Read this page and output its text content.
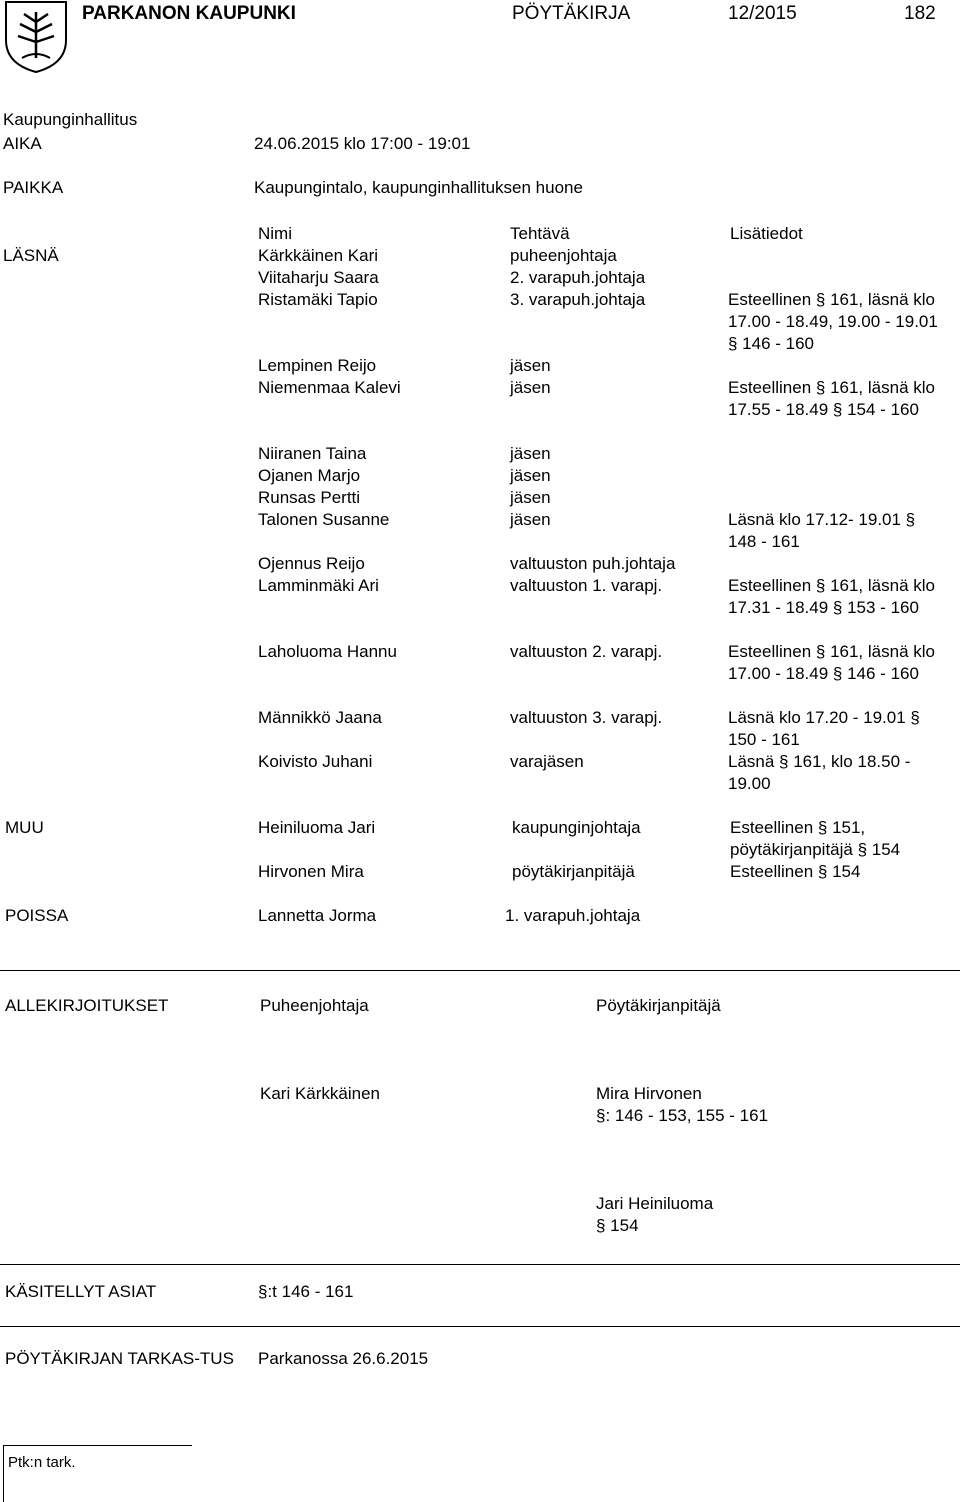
PARKANON KAUPUNKI	PÖYTÄKIRJA	12/2015	182
Kaupunginhallitus
AIKA	24.06.2015 klo 17:00 - 19:01
PAIKKA	Kaupungintalo, kaupunginhallituksen huone
Nimi	Tehtävä	Lisätiedot
LÄSNÄ	Kärkkäinen Kari	puheenjohtaja
Viitaharju Saara	2. varapuh.johtaja
Ristamäki Tapio	3. varapuh.johtaja	Esteellinen § 161, läsnä klo 17.00 - 18.49, 19.00 - 19.01 § 146 - 160
Lempinen Reijo	jäsen
Niemenmaa Kalevi	jäsen	Esteellinen § 161, läsnä klo 17.55 - 18.49 § 154 - 160
Niiranen Taina	jäsen
Ojanen Marjo	jäsen
Runsas Pertti	jäsen
Talonen Susanne	jäsen	Läsnä klo 17.12- 19.01 § 148 - 161
Ojennus Reijo	valtuuston puh.johtaja
Lamminmäki Ari	valtuuston 1. varapj.	Esteellinen § 161, läsnä klo 17.31 - 18.49 § 153 - 160
Laholuoma Hannu	valtuuston 2. varapj.	Esteellinen § 161, läsnä klo 17.00 - 18.49 § 146 - 160
Männikkö Jaana	valtuuston 3. varapj.	Läsnä klo 17.20 - 19.01 § 150 - 161
Koivisto Juhani	varajäsen	Läsnä § 161, klo 18.50 - 19.00
MUU	Heiniluoma Jari	kaupunginjohtaja	Esteellinen § 151, pöytäkirjanpitäjä § 154
Hirvonen Mira	pöytäkirjanpitäjä	Esteellinen § 154
POISSA	Lannetta Jorma	1. varapuh.johtaja
ALLEKIRJOITUKSET	Puheenjohtaja	Pöytäkirjanpitäjä
Kari Kärkkäinen	Mira Hirvonen
§: 146 - 153, 155 - 161
Jari Heiniluoma
§ 154
KÄSITELLYT ASIAT	§:t 146 - 161
PÖYTÄKIRJAN TARKAS-TUS Parkanossa 26.6.2015
Ptk:n tark.
